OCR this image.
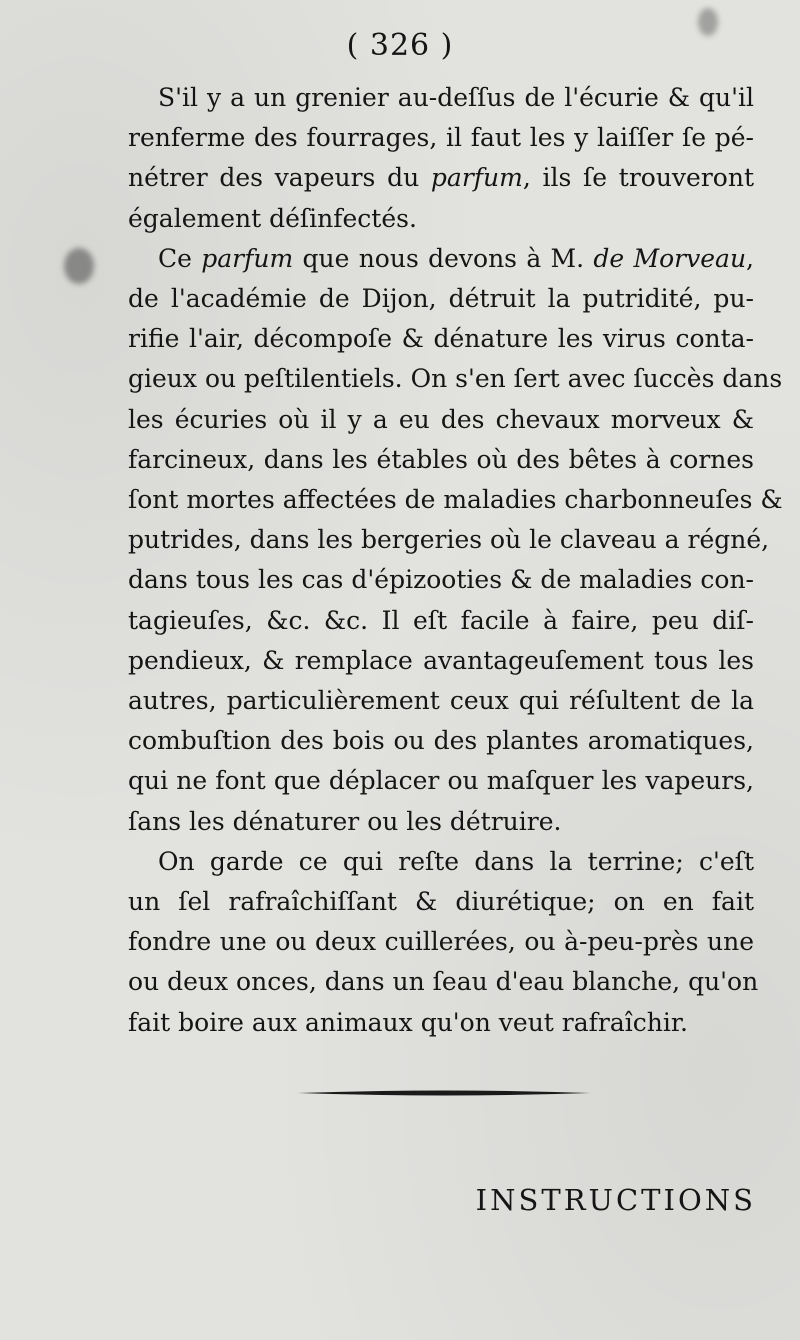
( 326 )
S'il y a un grenier au-deſſus de l'écurie & qu'il
renferme des fourrages, il faut les y laiſſer ſe pé-
nétrer des vapeurs du parfum, ils ſe trouveront
également déſinfectés.
Ce parfum que nous devons à M. de Morveau,
de l'académie de Dijon, détruit la putridité, pu-
rifie l'air, décompoſe & dénature les virus conta-
gieux ou peſtilentiels. On s'en ſert avec ſuccès dans
les écuries où il y a eu des chevaux morveux &
farcineux, dans les étables où des bêtes à cornes
ſont mortes affectées de maladies charbonneuſes &
putrides, dans les bergeries où le claveau a régné,
dans tous les cas d'épizooties & de maladies con-
tagieuſes, &c. &c. Il eſt facile à faire, peu diſ-
pendieux, & remplace avantageuſement tous les
autres, particulièrement ceux qui réſultent de la
combuſtion des bois ou des plantes aromatiques,
qui ne font que déplacer ou maſquer les vapeurs,
ſans les dénaturer ou les détruire.
On garde ce qui reſte dans la terrine; c'eſt
un ſel rafraîchiſſant & diurétique; on en fait
fondre une ou deux cuillerées, ou à-peu-près une
ou deux onces, dans un ſeau d'eau blanche, qu'on
fait boire aux animaux qu'on veut rafraîchir.
INSTRUCTIONS
